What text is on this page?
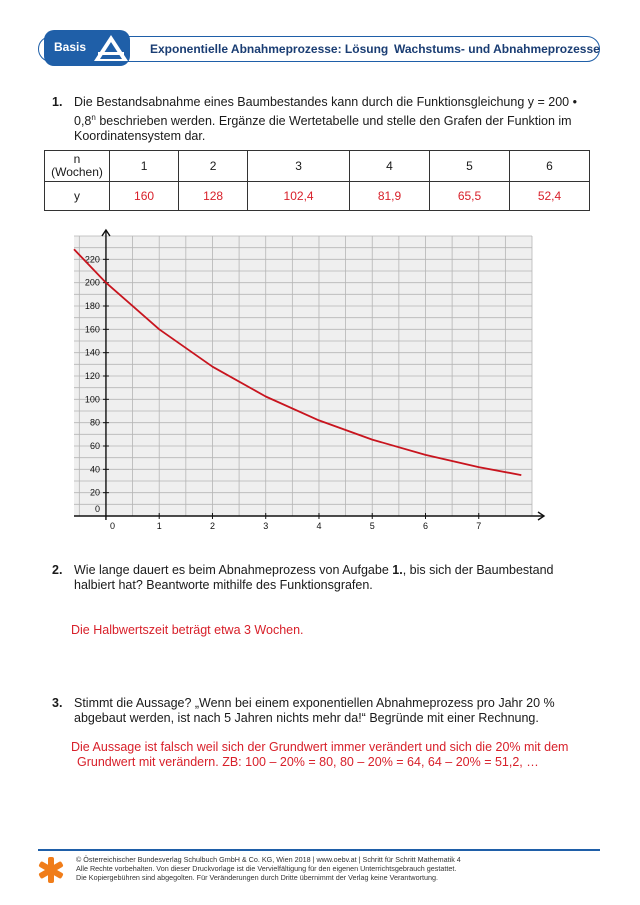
Basis	Exponentielle Abnahmeprozesse: Lösung Wachstums- und Abnahmeprozesse
1. Die Bestandsabnahme eines Baumbestandes kann durch die Funktionsgleichung y = 200 •
0,8$^n$ beschrieben werden. Ergänze die Wertetabelle und stelle den Grafen der Funktion im
Koordinatensystem dar.
n
(Wochen)	1	2	3	4	5	6
y	160	128	102,4	81,9	65,5	52,4
0	1	2	3	4	5	6	7
0
20
40
60
80
100
120
140
160
180
200
220
2. Wie lange dauert es beim Abnahmeprozess von Aufgabe 1., bis sich der Baumbestand
halbiert hat? Beantworte mithilfe des Funktionsgrafen.
Die Halbwertszeit beträgt etwa 3 Wochen.
3. Stimmt die Aussage? „Wenn bei einem exponentiellen Abnahmeprozess pro Jahr 20 %
abgebaut werden, ist nach 5 Jahren nichts mehr da!“ Begründe mit einer Rechnung.
Die Aussage ist falsch weil sich der Grundwert immer verändert und sich die 20% mit dem
Grundwert mit verändern. ZB: 100 – 20% = 80, 80 – 20% = 64, 64 – 20% = 51,2, …
© Österreichischer Bundesverlag Schulbuch GmbH & Co. KG, Wien 2018 | www.oebv.at | Schritt für Schritt Mathematik 4
Alle Rechte vorbehalten. Von dieser Druckvorlage ist die Vervielfältigung für den eigenen Unterrichtsgebrauch gestattet.
Die Kopiergebühren sind abgegolten. Für Veränderungen durch Dritte übernimmt der Verlag keine Verantwortung.
